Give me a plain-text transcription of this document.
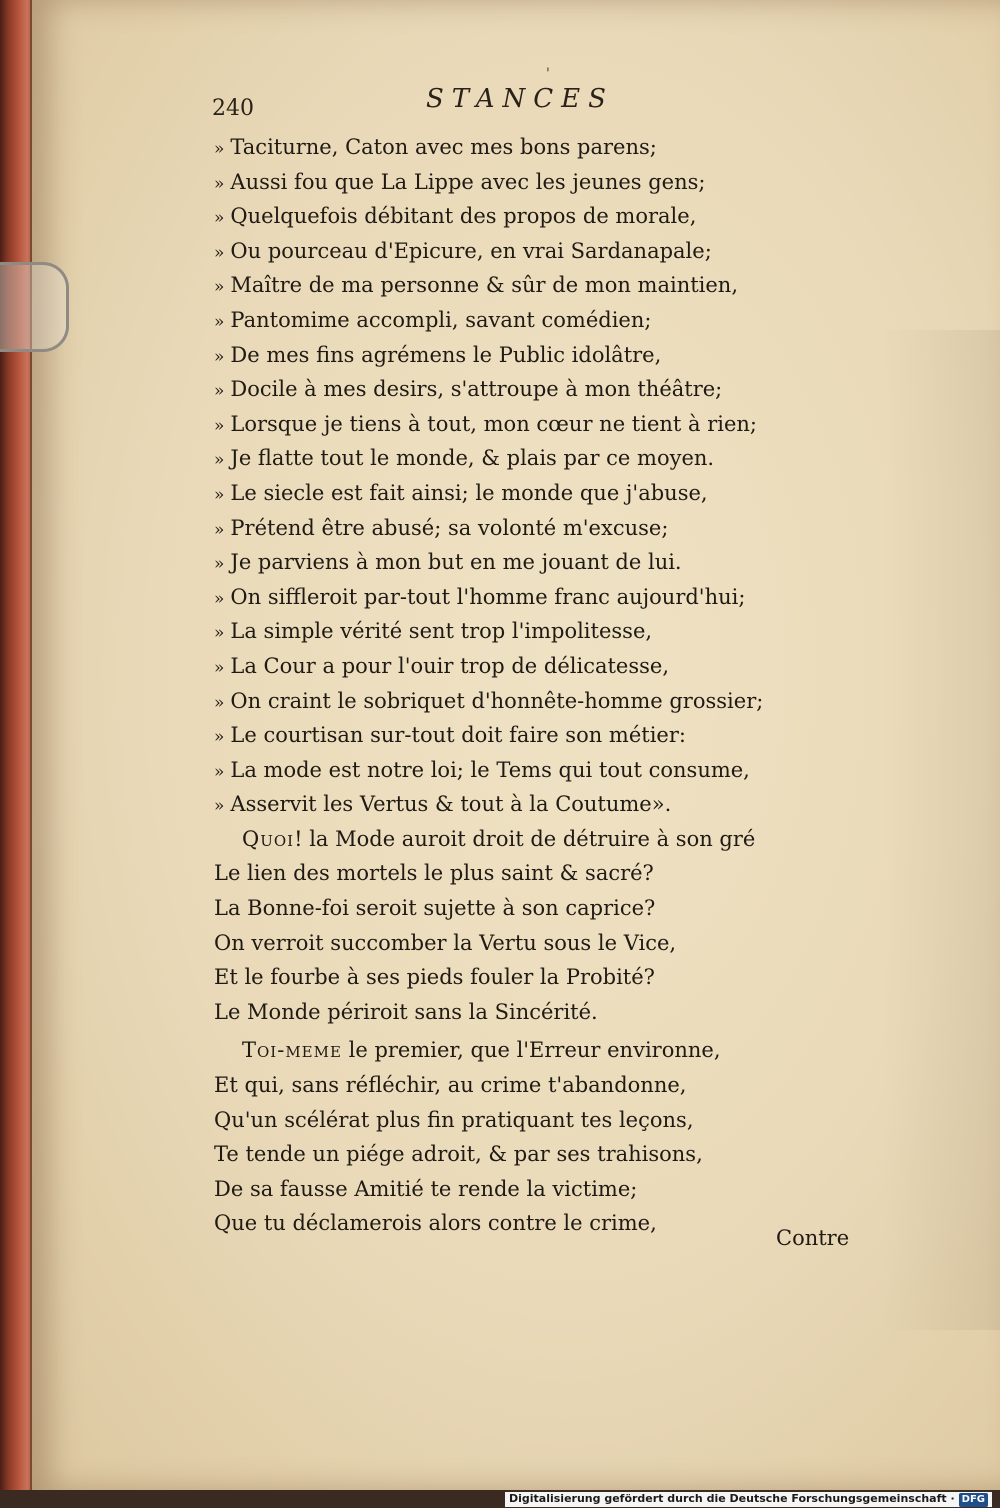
240
'
STANCES
» Taciturne, Caton avec mes bons parens;
» Aussi fou que La Lippe avec les jeunes gens;
» Quelquefois débitant des propos de morale,
» Ou pourceau d'Epicure, en vrai Sardanapale;
» Maître de ma personne & sûr de mon maintien,
» Pantomime accompli, savant comédien;
» De mes fins agrémens le Public idolâtre,
» Docile à mes desirs, s'attroupe à mon théâtre;
» Lorsque je tiens à tout, mon cœur ne tient à rien;
» Je flatte tout le monde, & plais par ce moyen.
» Le siecle est fait ainsi; le monde que j'abuse,
» Prétend être abusé; sa volonté m'excuse;
» Je parviens à mon but en me jouant de lui.
» On siffleroit par-tout l'homme franc aujourd'hui;
» La simple vérité sent trop l'impolitesse,
» La Cour a pour l'ouir trop de délicatesse,
» On craint le sobriquet d'honnête-homme grossier;
» Le courtisan sur-tout doit faire son métier:
» La mode est notre loi; le Tems qui tout consume,
» Asservit les Vertus & tout à la Coutume».
Quoi! la Mode auroit droit de détruire à son gré
Le lien des mortels le plus saint & sacré?
La Bonne-foi seroit sujette à son caprice?
On verroit succomber la Vertu sous le Vice,
Et le fourbe à ses pieds fouler la Probité?
Le Monde périroit sans la Sincérité.
Toi-meme le premier, que l'Erreur environne,
Et qui, sans réfléchir, au crime t'abandonne,
Qu'un scélérat plus fin pratiquant tes leçons,
Te tende un piége adroit, & par ses trahisons,
De sa fausse Amitié te rende la victime;
Que tu déclamerois alors contre le crime,
Contre
Digitalisierung gefördert durch die Deutsche Forschungsgemeinschaft · DFG
